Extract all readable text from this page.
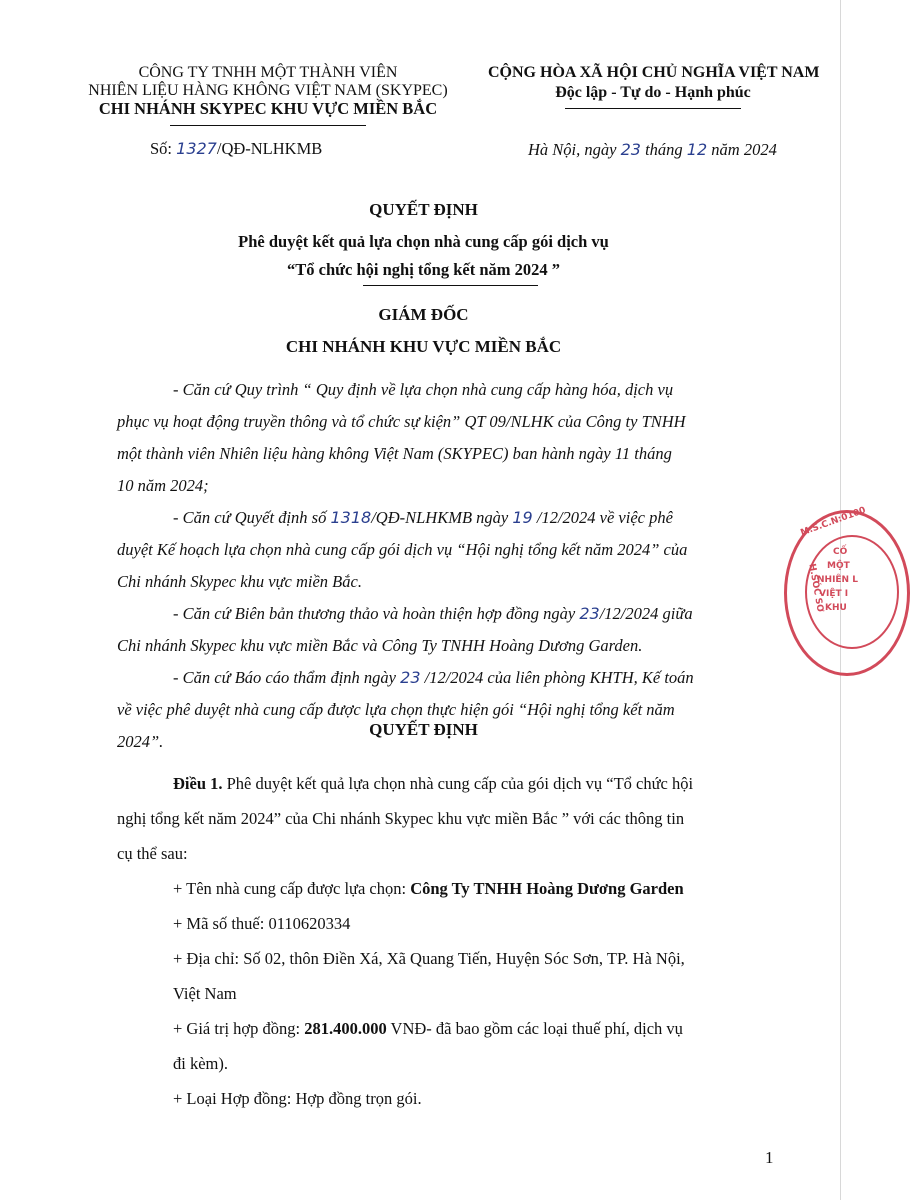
CÔNG TY TNHH MỘT THÀNH VIÊN
NHIÊN LIỆU HÀNG KHÔNG VIỆT NAM (SKYPEC)
CHI NHÁNH SKYPEC KHU VỰC MIỀN BẮC
Số: 1327/QĐ-NLHKMB
CỘNG HÒA XÃ HỘI CHỦ NGHĨA VIỆT NAM
Độc lập - Tự do - Hạnh phúc
Hà Nội, ngày 23 tháng 12 năm 2024
QUYẾT ĐỊNH
Phê duyệt kết quả lựa chọn nhà cung cấp gói dịch vụ
“Tổ chức hội nghị tổng kết năm 2024 ”
GIÁM ĐỐC
CHI NHÁNH KHU VỰC MIỀN BẮC
- Căn cứ Quy trình “ Quy định về lựa chọn nhà cung cấp hàng hóa, dịch vụ
phục vụ hoạt động truyền thông và tổ chức sự kiện” QT 09/NLHK của Công ty TNHH
một thành viên Nhiên liệu hàng không Việt Nam (SKYPEC) ban hành ngày 11 tháng
10 năm 2024;
- Căn cứ Quyết định số 1318/QĐ-NLHKMB ngày 19 /12/2024 về việc phê
duyệt Kế hoạch lựa chọn nhà cung cấp gói dịch vụ “Hội nghị tổng kết năm 2024” của
Chi nhánh Skypec khu vực miền Bắc.
- Căn cứ Biên bản thương thảo và hoàn thiện hợp đồng ngày 23/12/2024 giữa
Chi nhánh Skypec khu vực miền Bắc và Công Ty TNHH Hoàng Dương Garden.
- Căn cứ Báo cáo thẩm định ngày 23 /12/2024 của liên phòng KHTH, Kế toán
về việc phê duyệt nhà cung cấp được lựa chọn thực hiện gói “Hội nghị tổng kết năm
2024”.
QUYẾT ĐỊNH
Điều 1. Phê duyệt kết quả lựa chọn nhà cung cấp của gói dịch vụ “Tổ chức hội
nghị tổng kết năm 2024” của Chi nhánh Skypec khu vực miền Bắc ” với các thông tin
cụ thể sau:
+ Tên nhà cung cấp được lựa chọn: Công Ty TNHH Hoàng Dương Garden
+ Mã số thuế: 0110620334
+ Địa chỉ: Số 02, thôn Điền Xá, Xã Quang Tiến, Huyện Sóc Sơn, TP. Hà Nội,
Việt Nam
+ Giá trị hợp đồng: 281.400.000 VNĐ- đã bao gồm các loại thuế phí, dịch vụ
đi kèm).
+ Loại Hợp đồng: Hợp đồng trọn gói.
M.S.C.N:0100
CỐ
MỘT
NHIÊN L
VIỆT I
KHU
H.SÓC SƠ
1
